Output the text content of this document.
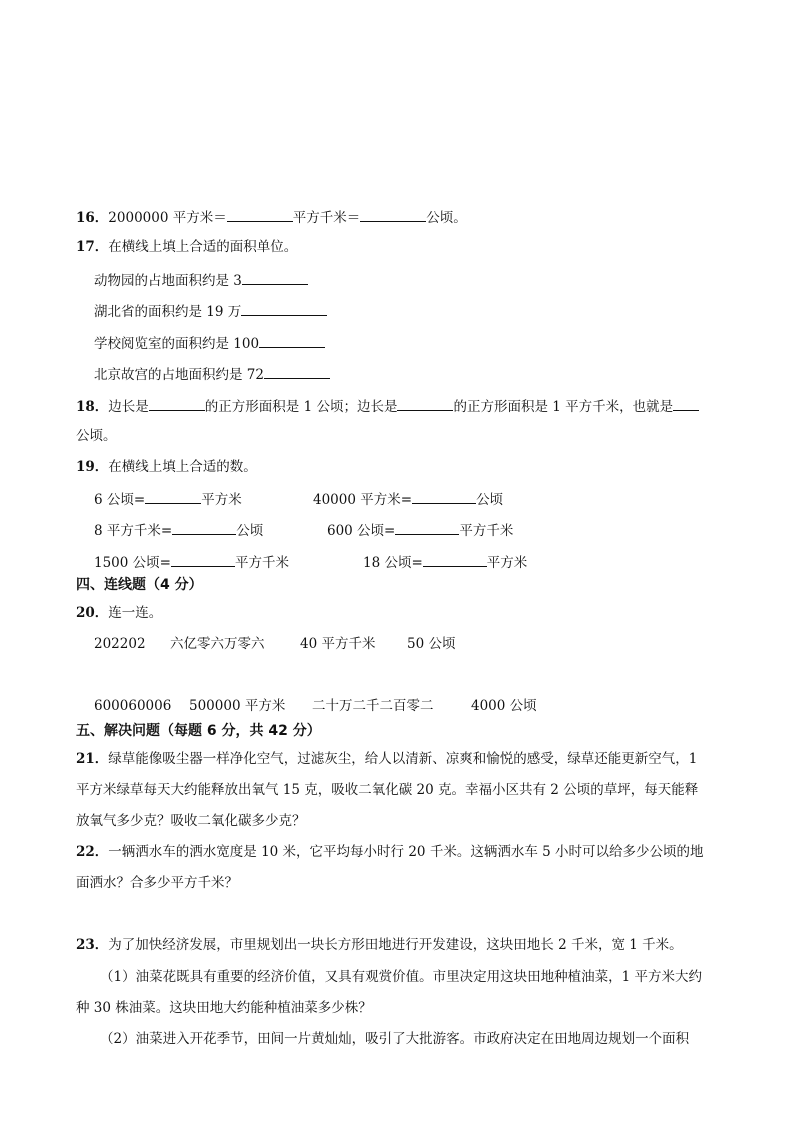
16．2000000 平方米＝	平方千米＝	公顷。
17．在横线上填上合适的面积单位。
动物园的占地面积约是 3
湖北省的面积约是 19 万
学校阅览室的面积约是 100
北京故宫的占地面积约是 72
18．边长是	的正方形面积是 1 公顷；边长是	的正方形面积是 1 平方千米，也就是
公顷。
19．在横线上填上合适的数。
6 公顷=	平方米	40000 平方米=	公顷
8 平方千米=	公顷	600 公顷=	平方千米
1500 公顷=	平方千米	18 公顷=	平方米
四、连线题（4 分）
20．连一连。
202202 六亿零六万零六	40 平方千米 50 公顷
600060006 500000 平方米 二十万二千二百零二	4000 公顷
五、解决问题（每题 6 分，共 42 分）
21．绿草能像吸尘器一样净化空气，过滤灰尘，给人以清新、凉爽和愉悦的感受，绿草还能更新空气，1
平方米绿草每天大约能释放出氧气 15 克，吸收二氧化碳 20 克。幸福小区共有 2 公顷的草坪，每天能释
放氧气多少克？吸收二氧化碳多少克？
22．一辆洒水车的洒水宽度是 10 米，它平均每小时行 20 千米。这辆洒水车 5 小时可以给多少公顷的地
面洒水？合多少平方千米？
23．为了加快经济发展，市里规划出一块长方形田地进行开发建设，这块田地长 2 千米，宽 1 千米。
（1）油菜花既具有重要的经济价值，又具有观赏价值。市里决定用这块田地种植油菜，1 平方米大约
种 30 株油菜。这块田地大约能种植油菜多少株？
（2）油菜进入开花季节，田间一片黄灿灿，吸引了大批游客。市政府决定在田地周边规划一个面积
